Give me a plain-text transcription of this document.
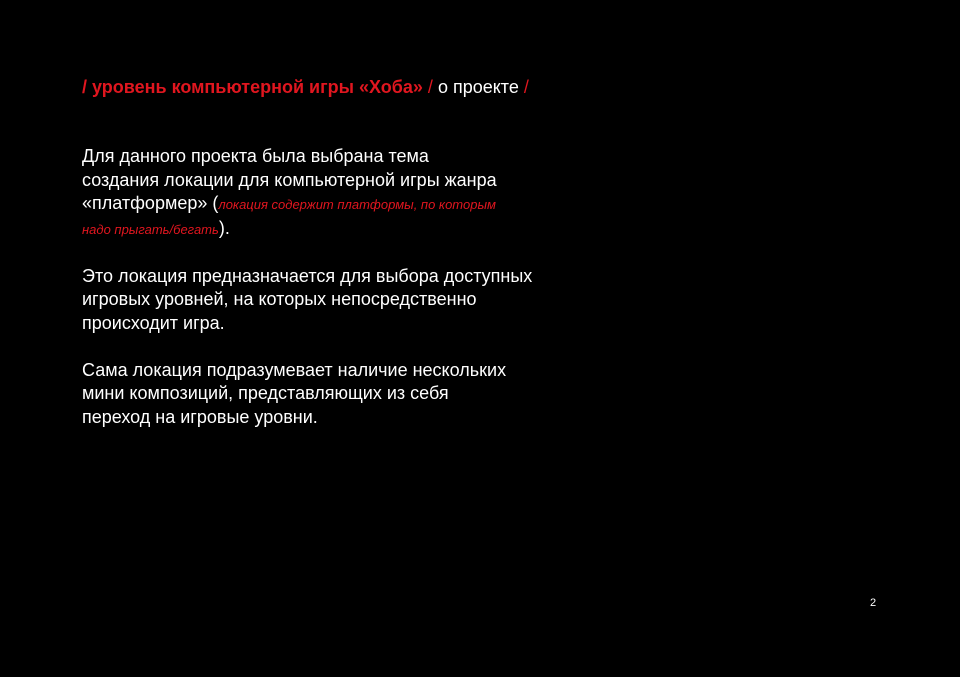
/ уровень компьютерной игры «Хоба» / о проекте /

Для данного проекта была выбрана тема
создания локации для компьютерной игры жанра
«платформер» (локация содержит платформы, по которым
надо прыгать/бегать).

Это локация предназначается для выбора доступных
игровых уровней, на которых непосредственно
происходит игра.

Сама локация подразумевает наличие нескольких
мини композиций, представляющих из себя
переход на игровые уровни.

2
